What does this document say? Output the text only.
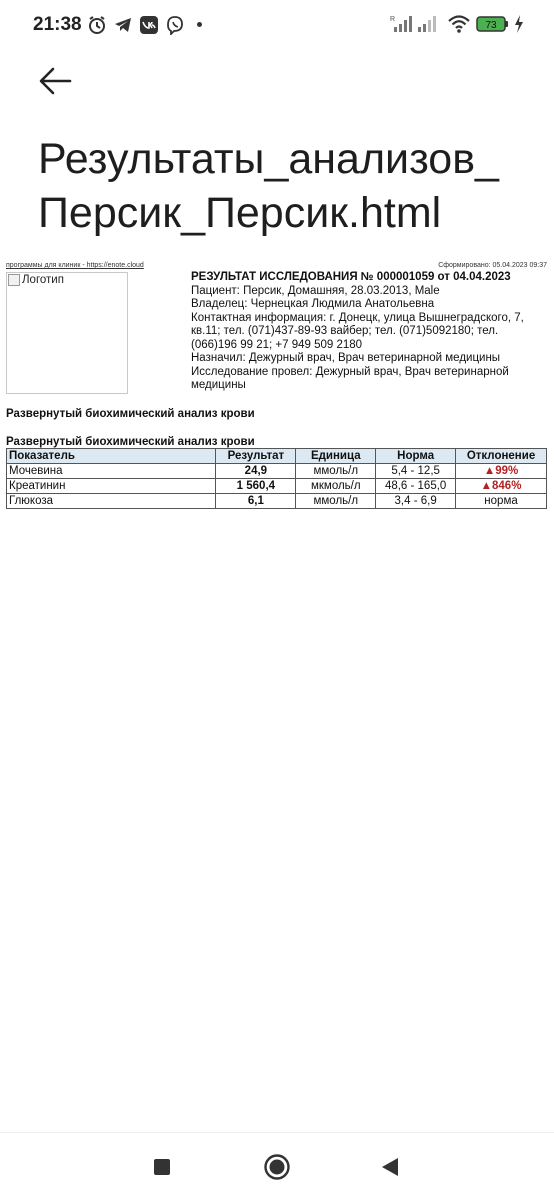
21:38	R
73
Результаты_анализов_Персик_Персик.html
программы для клиник - https://enote.cloud	Сформировано: 05.04.2023 09:37
Логотип	РЕЗУЛЬТАТ ИССЛЕДОВАНИЯ № 000001059 от 04.04.2023
Пациент: Персик, Домашняя, 28.03.2013, Male
Владелец: Чернецкая Людмила Анатольевна
Контактная информация: г. Донецк, улица Вышнеградского, 7, кв.11; тел. (071)437-89-93 вайбер; тел. (071)5092180; тел. (066)196 99 21; +7 949 509 2180
Назначил: Дежурный врач, Врач ветеринарной медицины
Исследование провел: Дежурный врач, Врач ветеринарной медицины
Развернутый биохимический анализ крови
Развернутый биохимический анализ крови
Показатель	Результат	Единица	Норма	Отклонение
Мочевина	24,9	ммоль/л	5,4 - 12,5	▲99%
Креатинин	1 560,4	мкмоль/л	48,6 - 165,0	▲846%
Глюкоза	6,1	ммоль/л	3,4 - 6,9	норма
